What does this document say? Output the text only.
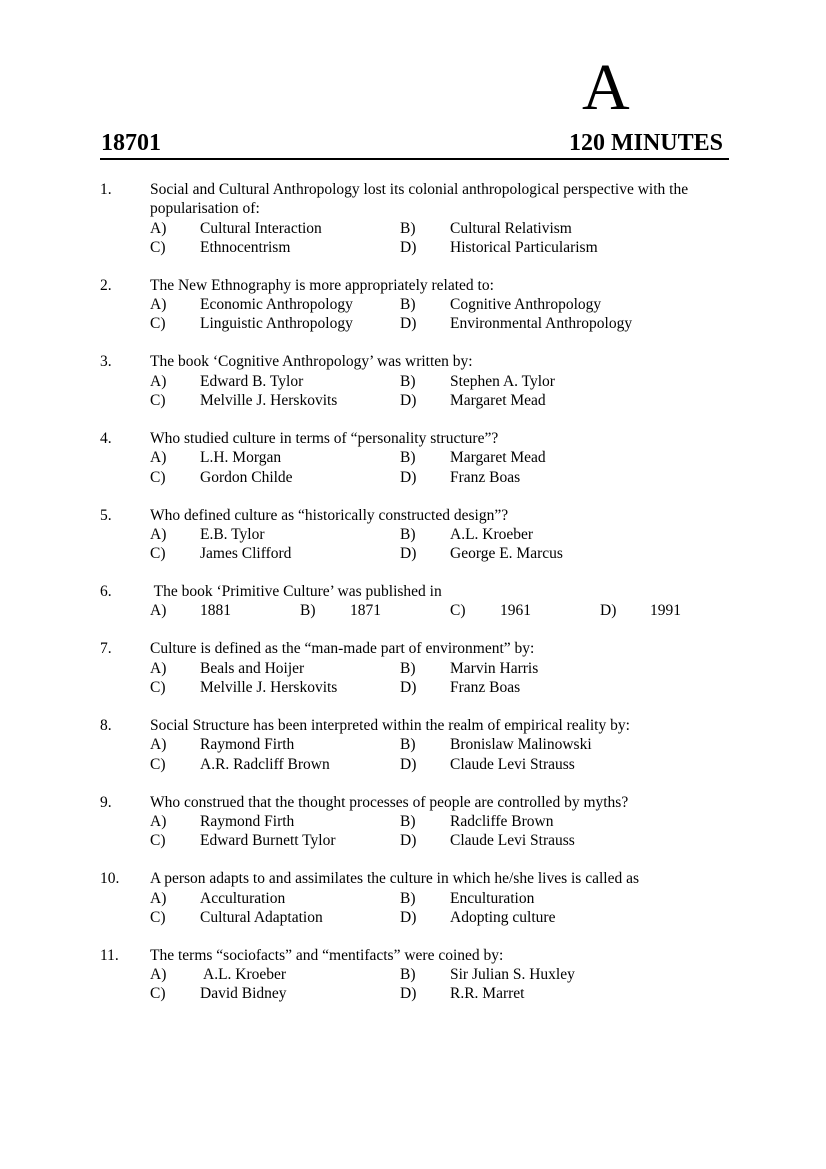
A
18701	120 MINUTES
1. Social and Cultural Anthropology lost its colonial anthropological perspective with the popularisation of:
A) Cultural Interaction	B) Cultural Relativism
C) Ethnocentrism	D) Historical Particularism
2. The New Ethnography is more appropriately related to:
A) Economic Anthropology	B) Cognitive Anthropology
C) Linguistic Anthropology	D) Environmental Anthropology
3. The book ‘Cognitive Anthropology’ was written by:
A) Edward B. Tylor	B) Stephen A. Tylor
C) Melville J. Herskovits	D) Margaret Mead
4. Who studied culture in terms of “personality structure”?
A) L.H. Morgan	B) Margaret Mead
C) Gordon Childe	D) Franz Boas
5. Who defined culture as “historically constructed design”?
A) E.B. Tylor	B) A.L. Kroeber
C) James Clifford	D) George E. Marcus
6. The book ‘Primitive Culture’ was published in
A) 1881	B) 1871	C) 1961	D) 1991
7. Culture is defined as the “man-made part of environment” by:
A) Beals and Hoijer	B) Marvin Harris
C) Melville J. Herskovits	D) Franz Boas
8. Social Structure has been interpreted within the realm of empirical reality by:
A) Raymond Firth	B) Bronislaw Malinowski
C) A.R. Radcliff Brown	D) Claude Levi Strauss
9. Who construed that the thought processes of people are controlled by myths?
A) Raymond Firth	B) Radcliffe Brown
C) Edward Burnett Tylor	D) Claude Levi Strauss
10. A person adapts to and assimilates the culture in which he/she lives is called as
A) Acculturation	B) Enculturation
C) Cultural Adaptation	D) Adopting culture
11. The terms “sociofacts” and “mentifacts” were coined by:
A) A.L. Kroeber	B) Sir Julian S. Huxley
C) David Bidney	D) R.R. Marret
